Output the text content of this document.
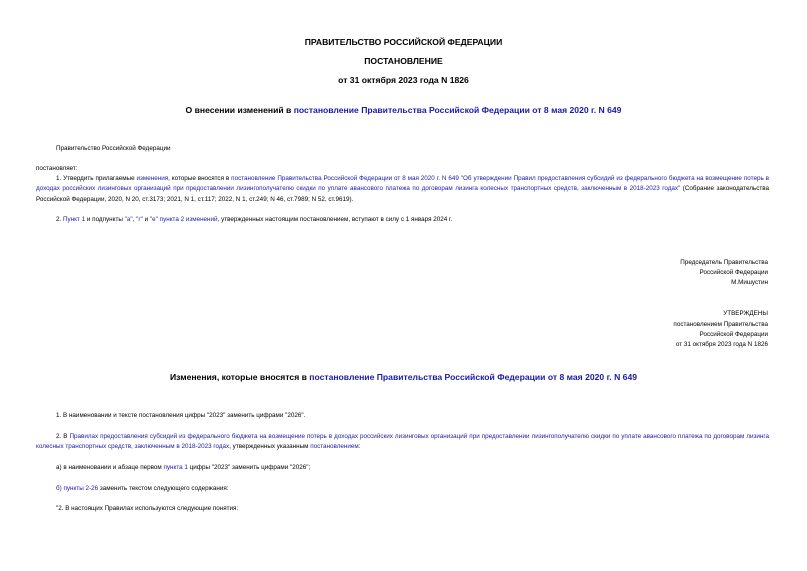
ПРАВИТЕЛЬСТВО РОССИЙСКОЙ ФЕДЕРАЦИИ
ПОСТАНОВЛЕНИЕ
от 31 октября 2023 года N 1826
О внесении изменений в постановление Правительства Российской Федерации от 8 мая 2020 г. N 649
Правительство Российской Федерации
постановляет:
1. Утвердить прилагаемые изменения, которые вносятся в постановление Правительства Российской Федерации от 8 мая 2020 г. N 649 "Об утверждении Правил предоставления субсидий из федерального бюджета на возмещение потерь в доходах российских лизинговых организаций при предоставлении лизингополучателю скидки по уплате авансового платежа по договорам лизинга колесных транспортных средств, заключенным в 2018-2023 годах" (Собрание законодательства Российской Федерации, 2020, N 20, ст.3173; 2021, N 1, ст.117; 2022, N 1, ст.249; N 46, ст.7989; N 52, ст.9619).
2. Пункт 1 и подпункты "а", "г" и "е" пункта 2 изменений, утвержденных настоящим постановлением, вступают в силу с 1 января 2024 г.
Председатель Правительства
Российской Федерации
М.Мишустин
УТВЕРЖДЕНЫ
постановлением Правительства
Российской Федерации
от 31 октября 2023 года N 1826
Изменения, которые вносятся в постановление Правительства Российской Федерации от 8 мая 2020 г. N 649
1. В наименовании и тексте постановления цифры "2023" заменить цифрами "2026".
2. В Правилах предоставления субсидий из федерального бюджета на возмещение потерь в доходах российских лизинговых организаций при предоставлении лизингополучателю скидки по уплате авансового платежа по договорам лизинга колесных транспортных средств, заключенным в 2018-2023 годах, утвержденных указанным постановлением:
а) в наименовании и абзаце первом пункта 1 цифры "2023" заменить цифрами "2026";
б) пункты 2-26 заменить текстом следующего содержания:
"2. В настоящих Правилах используются следующие понятия:
